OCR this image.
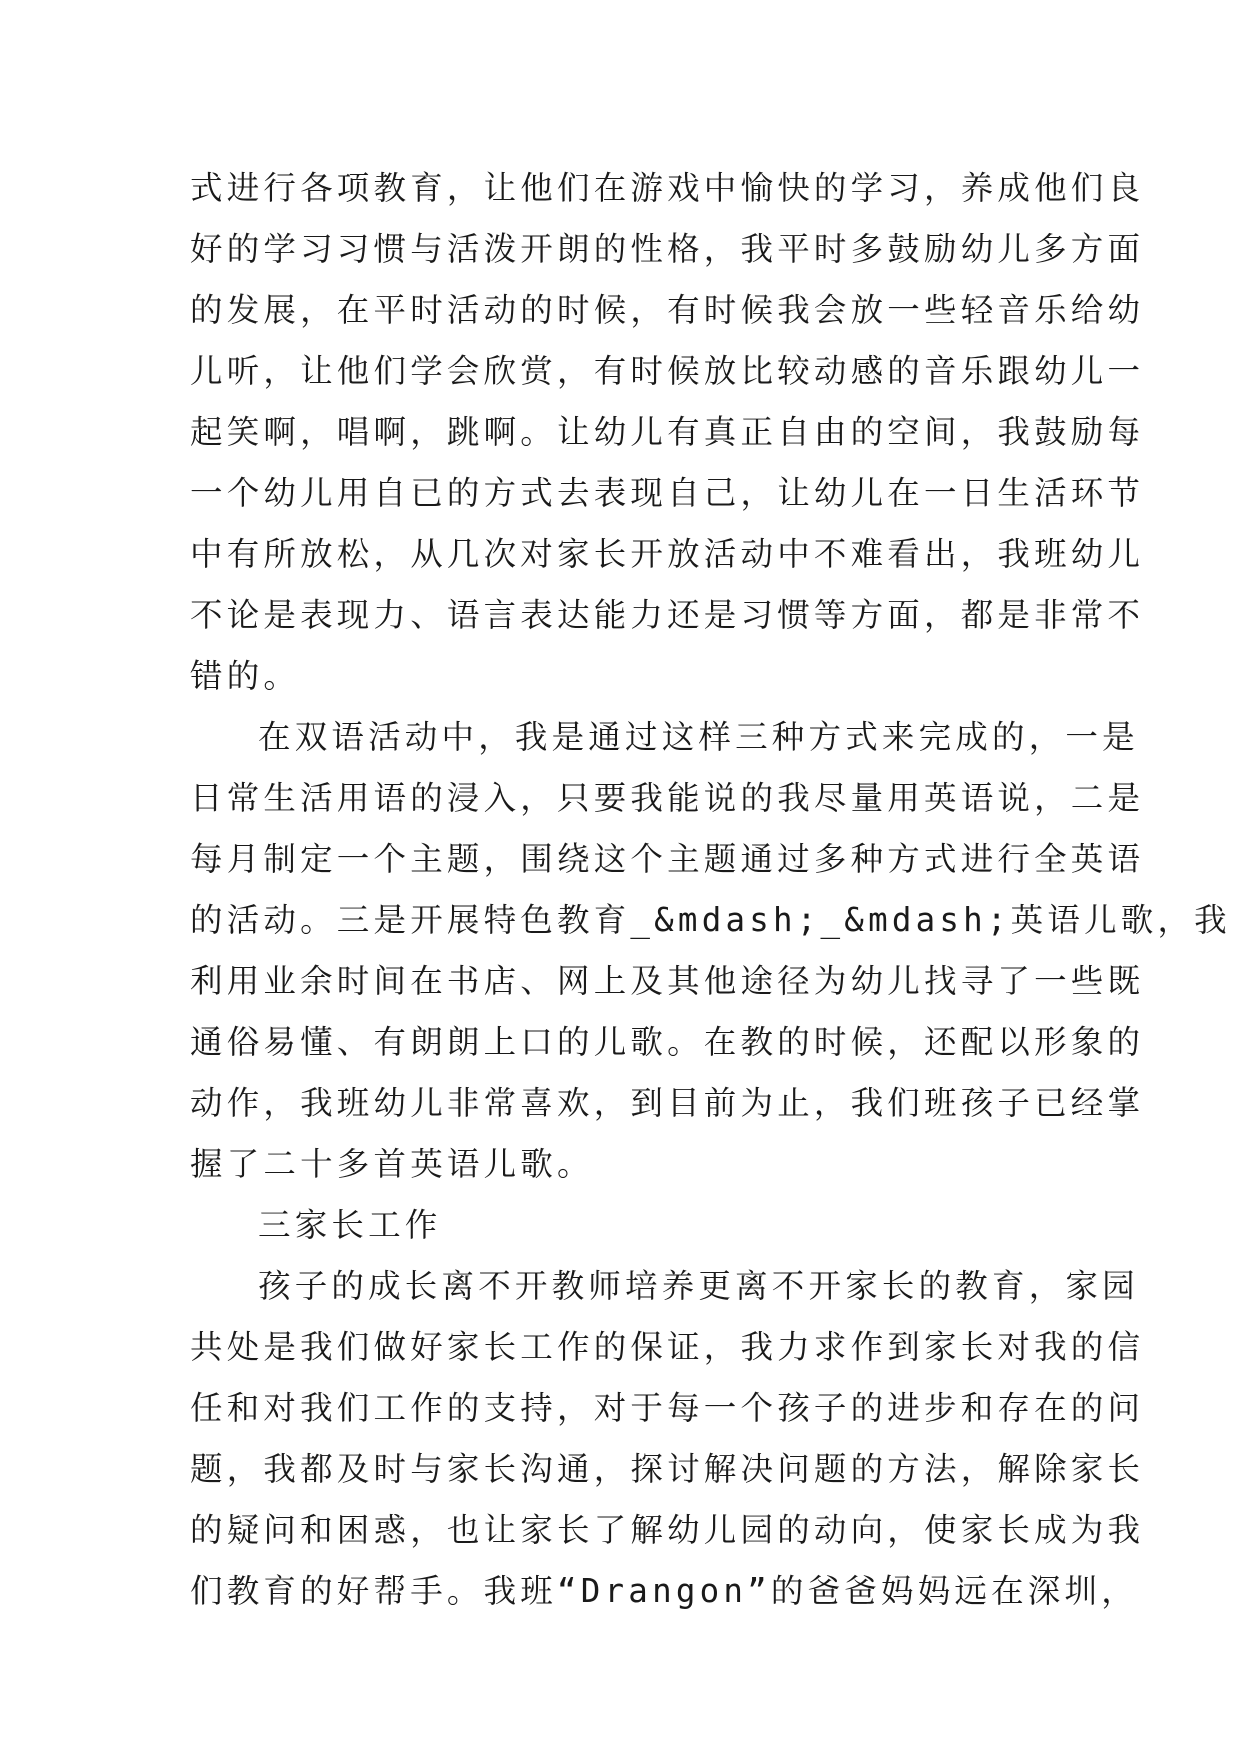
式进行各项教育，让他们在游戏中愉快的学习，养成他们良
好的学习习惯与活泼开朗的性格，我平时多鼓励幼儿多方面
的发展，在平时活动的时候，有时候我会放一些轻音乐给幼
儿听，让他们学会欣赏，有时候放比较动感的音乐跟幼儿一
起笑啊，唱啊，跳啊。让幼儿有真正自由的空间，我鼓励每
一个幼儿用自已的方式去表现自己，让幼儿在一日生活环节
中有所放松，从几次对家长开放活动中不难看出，我班幼儿
不论是表现力、语言表达能力还是习惯等方面，都是非常不
错的。
在双语活动中，我是通过这样三种方式来完成的，一是
日常生活用语的浸入，只要我能说的我尽量用英语说，二是
每月制定一个主题，围绕这个主题通过多种方式进行全英语
的活动。三是开展特色教育_&mdash;_&mdash;英语儿歌，我
利用业余时间在书店、网上及其他途径为幼儿找寻了一些既
通俗易懂、有朗朗上口的儿歌。在教的时候，还配以形象的
动作，我班幼儿非常喜欢，到目前为止，我们班孩子已经掌
握了二十多首英语儿歌。
三家长工作
孩子的成长离不开教师培养更离不开家长的教育，家园
共处是我们做好家长工作的保证，我力求作到家长对我的信
任和对我们工作的支持，对于每一个孩子的进步和存在的问
题，我都及时与家长沟通，探讨解决问题的方法，解除家长
的疑问和困惑，也让家长了解幼儿园的动向，使家长成为我
们教育的好帮手。我班“Drangon”的爸爸妈妈远在深圳，
